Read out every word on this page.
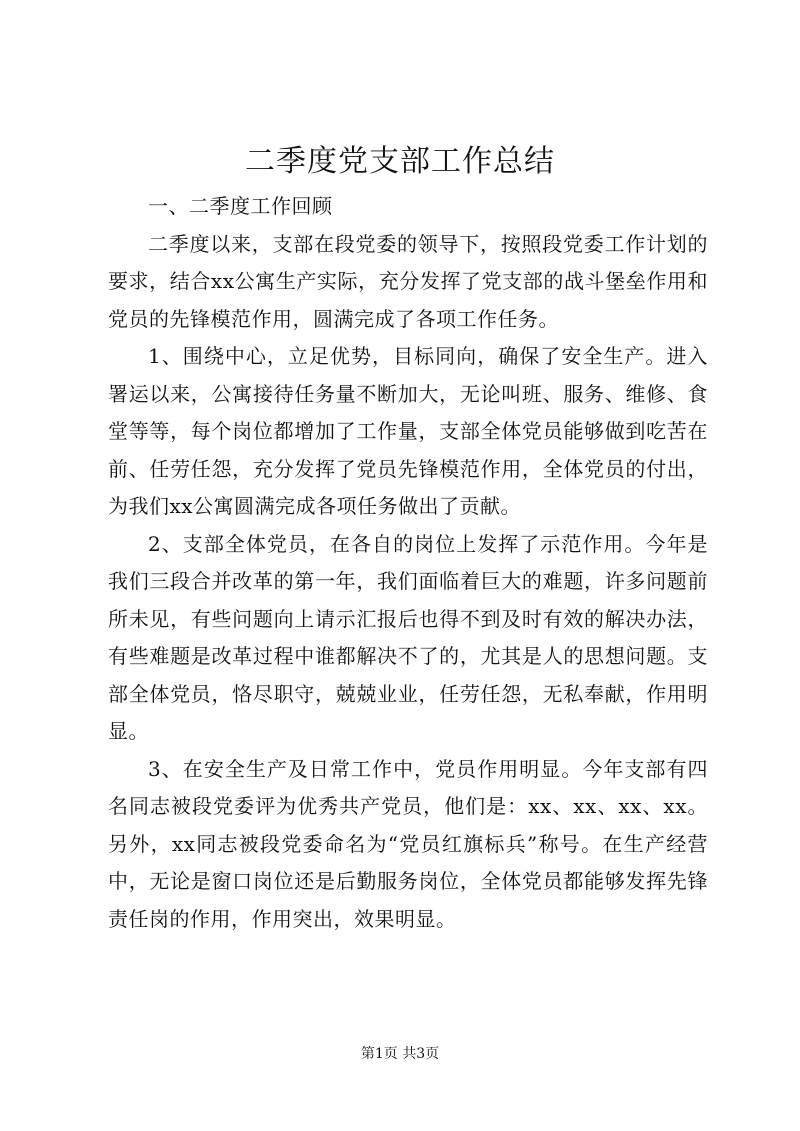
二季度党支部工作总结

一、二季度工作回顾

二季度以来，支部在段党委的领导下，按照段党委工作计划的要求，结合xx公寓生产实际，充分发挥了党支部的战斗堡垒作用和党员的先锋模范作用，圆满完成了各项工作任务。

1、围绕中心，立足优势，目标同向，确保了安全生产。进入署运以来，公寓接待任务量不断加大，无论叫班、服务、维修、食堂等等，每个岗位都增加了工作量，支部全体党员能够做到吃苦在前、任劳任怨，充分发挥了党员先锋模范作用，全体党员的付出，为我们xx公寓圆满完成各项任务做出了贡献。

2、支部全体党员，在各自的岗位上发挥了示范作用。今年是我们三段合并改革的第一年，我们面临着巨大的难题，许多问题前所未见，有些问题向上请示汇报后也得不到及时有效的解决办法，有些难题是改革过程中谁都解决不了的，尤其是人的思想问题。支部全体党员，恪尽职守，兢兢业业，任劳任怨，无私奉献，作用明显。

3、在安全生产及日常工作中，党员作用明显。今年支部有四名同志被段党委评为优秀共产党员，他们是：xx、xx、xx、xx。另外，xx同志被段党委命名为“党员红旗标兵”称号。在生产经营中，无论是窗口岗位还是后勤服务岗位，全体党员都能够发挥先锋责任岗的作用，作用突出，效果明显。

第1页 共3页
